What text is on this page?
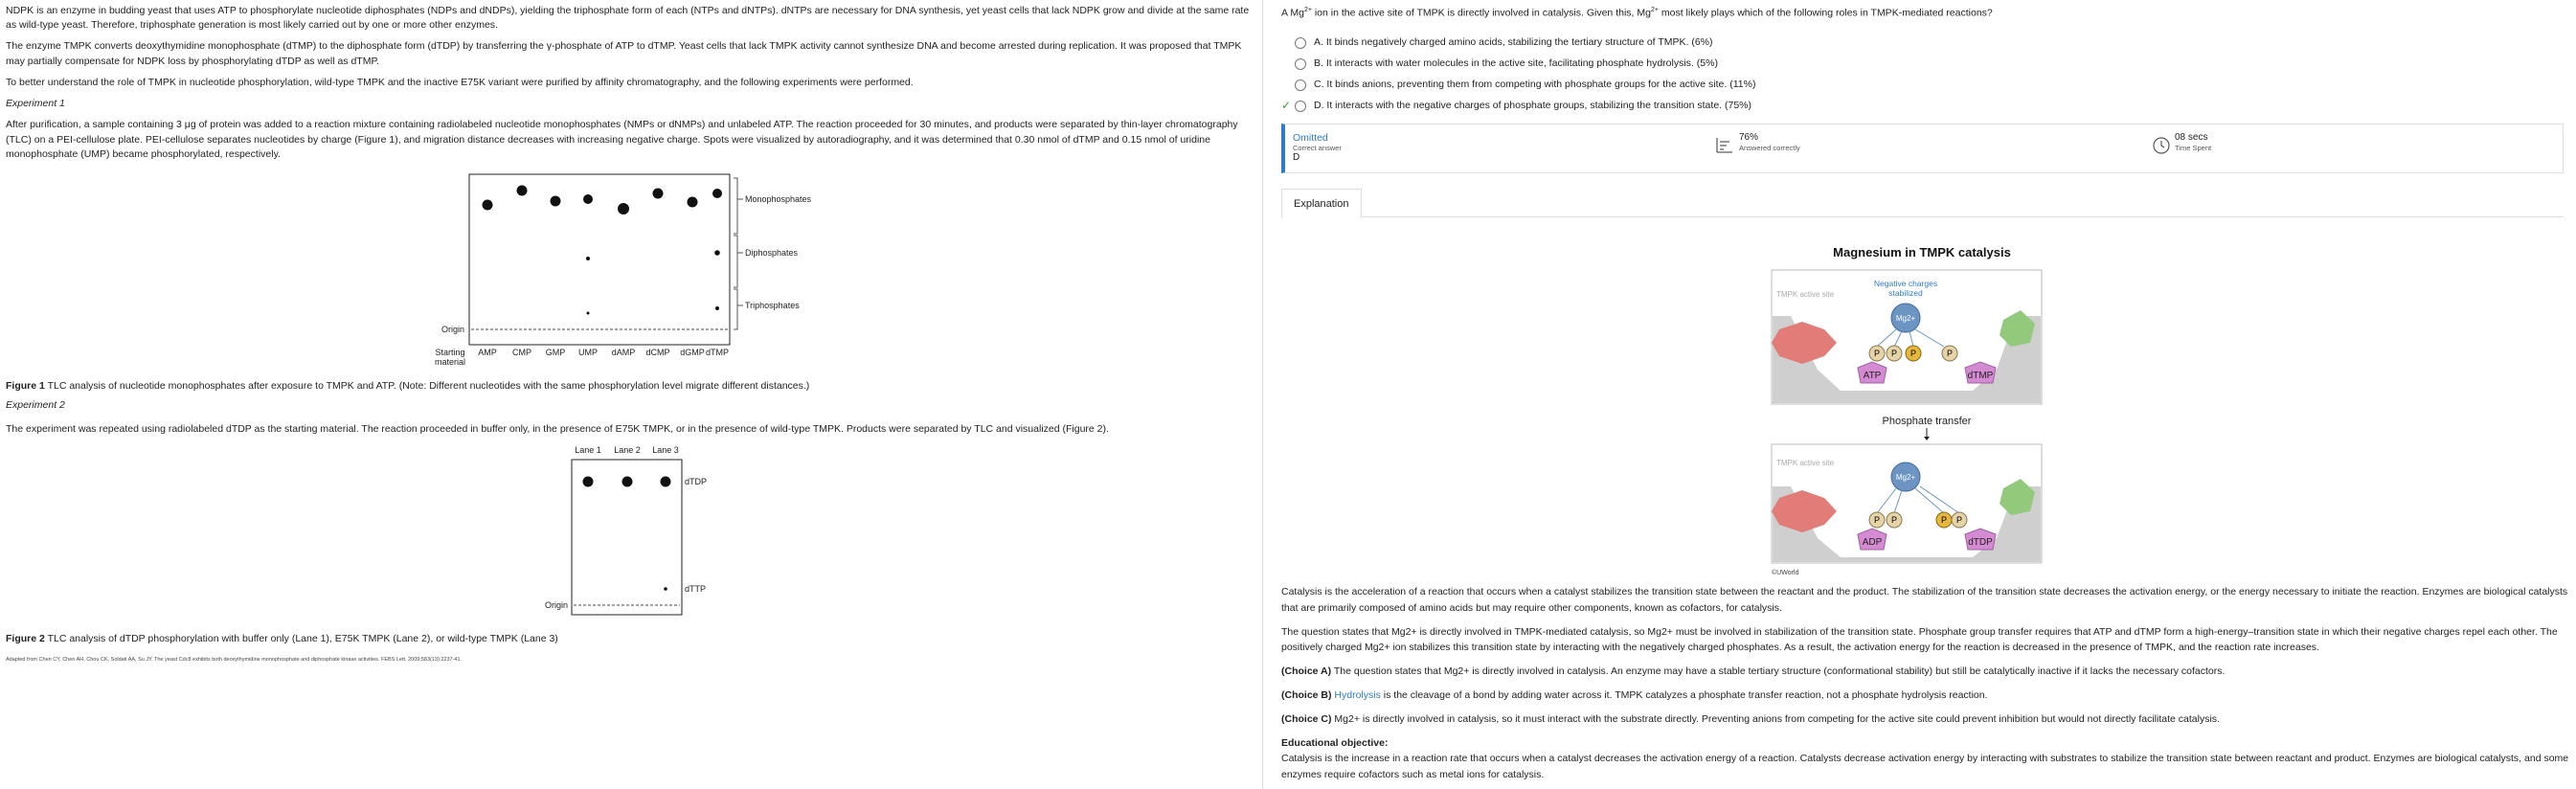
NDPK is an enzyme in budding yeast that uses ATP to phosphorylate nucleotide diphosphates (NDPs and dNDPs), yielding the triphosphate form of each (NTPs and dNTPs). dNTPs are necessary for DNA synthesis, yet yeast cells that lack NDPK grow and divide at the same rate as wild-type yeast. Therefore, triphosphate generation is most likely carried out by one or more other enzymes.

The enzyme TMPK converts deoxythymidine monophosphate (dTMP) to the diphosphate form (dTDP) by transferring the γ-phosphate of ATP to dTMP. Yeast cells that lack TMPK activity cannot synthesize DNA and become arrested during replication. It was proposed that TMPK may partially compensate for NDPK loss by phosphorylating dTDP as well as dTMP.

To better understand the role of TMPK in nucleotide phosphorylation, wild-type TMPK and the inactive E75K variant were purified by affinity chromatography, and the following experiments were performed.

Experiment 1

After purification, a sample containing 3 μg of protein was added to a reaction mixture containing radiolabeled nucleotide monophosphates (NMPs or dNMPs) and unlabeled ATP. The reaction proceeded for 30 minutes, and products were separated by thin-layer chromatography (TLC) on a PEI-cellulose plate. PEI-cellulose separates nucleotides by charge (Figure 1), and migration distance decreases with increasing negative charge. Spots were visualized by autoradiography, and it was determined that 0.30 nmol of dTMP and 0.15 nmol of uridine monophosphate (UMP) became phosphorylated, respectively.

Origin
Monophosphates
Diphosphates
Triphosphates
Starting
material
AMP CMP GMP UMP dAMP dCMP dGMP dTMP
Figure 1 TLC analysis of nucleotide monophosphates after exposure to TMPK and ATP. (Note: Different nucleotides with the same phosphorylation level migrate different distances.)
Experiment 2

The experiment was repeated using radiolabeled dTDP as the starting material. The reaction proceeded in buffer only, in the presence of E75K TMPK, or in the presence of wild-type TMPK. Products were separated by TLC and visualized (Figure 2).

Lane 1 Lane 2 Lane 3
Origin
dTDP
dTTP
Figure 2 TLC analysis of dTDP phosphorylation with buffer only (Lane 1), E75K TMPK (Lane 2), or wild-type TMPK (Lane 3)
Adapted from Chen CY, Chen AH, Chou CK, Soldati AA, Su JY. The yeast Cdc8 exhibits both deoxythymidine monophosphate and diphosphate kinase activities. FEBS Lett. 2009;583(13):2237-41.
A $Mg^{2+}$ ion in the active site of TMPK is directly involved in catalysis. Given this, $Mg^{2+}$ most likely plays which of the following roles in TMPK-mediated reactions?
A. It binds negatively charged amino acids, stabilizing the tertiary structure of TMPK. (6%)
B. It interacts with water molecules in the active site, facilitating phosphate hydrolysis. (5%)
C. It binds anions, preventing them from competing with phosphate groups for the active site. (11%)
✓	D. It interacts with the negative charges of phosphate groups, stabilizing the transition state. (75%)
Omitted
Correct answer
D
76%
Answered correctly
08 secs
Time Spent
Explanation
Magnesium in TMPK catalysis
TMPK active site
Negative charges
stabilized
Mg2+
P P P	P
ATP	dTMP
Phosphate transfer
TMPK active site
Mg2+
P P	P P
ADP	dTDP
©UWorld

Catalysis is the acceleration of a reaction that occurs when a catalyst stabilizes the transition state between the reactant and the product. The stabilization of the transition state decreases the activation energy, or the energy necessary to initiate the reaction. Enzymes are biological catalysts that are primarily composed of amino acids but may require other components, known as cofactors, for catalysis.

The question states that Mg2+ is directly involved in TMPK-mediated catalysis, so Mg2+ must be involved in stabilization of the transition state. Phosphate group transfer requires that ATP and dTMP form a high-energy–transition state in which their negative charges repel each other. The positively charged Mg2+ ion stabilizes this transition state by interacting with the negatively charged phosphates. As a result, the activation energy for the reaction is decreased in the presence of TMPK, and the reaction rate increases.

(Choice A) The question states that Mg2+ is directly involved in catalysis. An enzyme may have a stable tertiary structure (conformational stability) but still be catalytically inactive if it lacks the necessary cofactors.

(Choice B) Hydrolysis is the cleavage of a bond by adding water across it. TMPK catalyzes a phosphate transfer reaction, not a phosphate hydrolysis reaction.

(Choice C) Mg2+ is directly involved in catalysis, so it must interact with the substrate directly. Preventing anions from competing for the active site could prevent inhibition but would not directly facilitate catalysis.

Educational objective:
Catalysis is the increase in a reaction rate that occurs when a catalyst decreases the activation energy of a reaction. Catalysts decrease activation energy by interacting with substrates to stabilize the transition state between reactant and product. Enzymes are biological catalysts, and some enzymes require cofactors such as metal ions for catalysis.
